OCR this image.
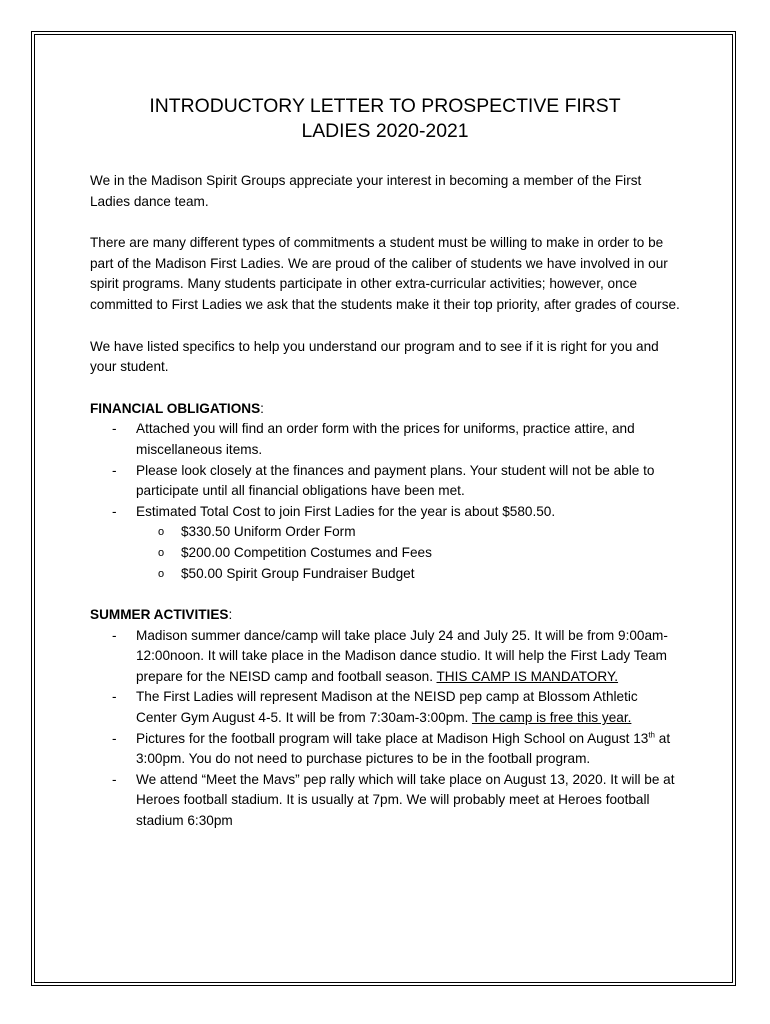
INTRODUCTORY LETTER TO PROSPECTIVE FIRST
LADIES 2020-2021

We in the Madison Spirit Groups appreciate your interest in becoming a member of the First Ladies dance team.

There are many different types of commitments a student must be willing to make in order to be part of the Madison First Ladies. We are proud of the caliber of students we have involved in our spirit programs. Many students participate in other extra-curricular activities; however, once committed to First Ladies we ask that the students make it their top priority, after grades of course.

We have listed specifics to help you understand our program and to see if it is right for you and your student.

FINANCIAL OBLIGATIONS:

- Attached you will find an order form with the prices for uniforms, practice attire, and miscellaneous items.
- Please look closely at the finances and payment plans. Your student will not be able to participate until all financial obligations have been met.
- Estimated Total Cost to join First Ladies for the year is about $580.50.
o $330.50 Uniform Order Form
o $200.00 Competition Costumes and Fees
o $50.00 Spirit Group Fundraiser Budget

SUMMER ACTIVITIES:

- Madison summer dance/camp will take place July 24 and July 25. It will be from 9:00am-12:00noon. It will take place in the Madison dance studio. It will help the First Lady Team prepare for the NEISD camp and football season. THIS CAMP IS MANDATORY.
- The First Ladies will represent Madison at the NEISD pep camp at Blossom Athletic Center Gym August 4-5. It will be from 7:30am-3:00pm. The camp is free this year.
- Pictures for the football program will take place at Madison High School on August 13th at 3:00pm. You do not need to purchase pictures to be in the football program.
- We attend “Meet the Mavs” pep rally which will take place on August 13, 2020. It will be at Heroes football stadium. It is usually at 7pm. We will probably meet at Heroes football stadium 6:30pm
